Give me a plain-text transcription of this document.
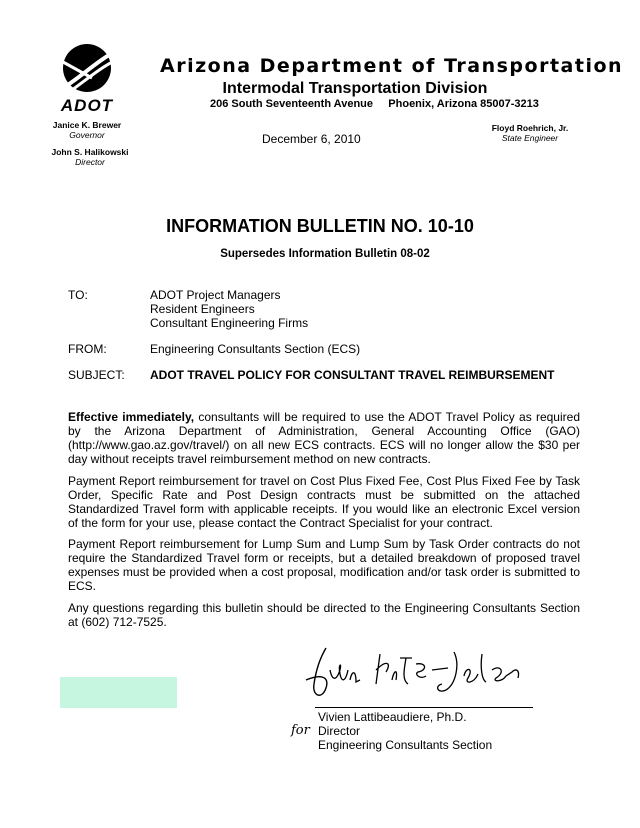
ADOT
Arizona Department of Transportation
Intermodal Transportation Division
206 South Seventeenth Avenue     Phoenix, Arizona 85007-3213
Janice K. Brewer
Governor
John S. Halikowski
Director
Floyd Roehrich, Jr.
State Engineer
December 6, 2010
INFORMATION BULLETIN NO. 10-10
Supersedes Information Bulletin 08-02
TO:	ADOT Project Managers
Resident Engineers
Consultant Engineering Firms
FROM:	Engineering Consultants Section (ECS)
SUBJECT: ADOT TRAVEL POLICY FOR CONSULTANT TRAVEL REIMBURSEMENT
Effective immediately, consultants will be required to use the ADOT Travel Policy as required by the Arizona Department of Administration, General Accounting Office (GAO) (http://www.gao.az.gov/travel/) on all new ECS contracts. ECS will no longer allow the $30 per day without receipts travel reimbursement method on new contracts.
Payment Report reimbursement for travel on Cost Plus Fixed Fee, Cost Plus Fixed Fee by Task Order, Specific Rate and Post Design contracts must be submitted on the attached Standardized Travel form with applicable receipts. If you would like an electronic Excel version of the form for your use, please contact the Contract Specialist for your contract.
Payment Report reimbursement for Lump Sum and Lump Sum by Task Order contracts do not require the Standardized Travel form or receipts, but a detailed breakdown of proposed travel expenses must be provided when a cost proposal, modification and/or task order is submitted to ECS.
Any questions regarding this bulletin should be directed to the Engineering Consultants Section at (602) 712-7525.
for
Vivien Lattibeaudiere, Ph.D.
Director
Engineering Consultants Section
